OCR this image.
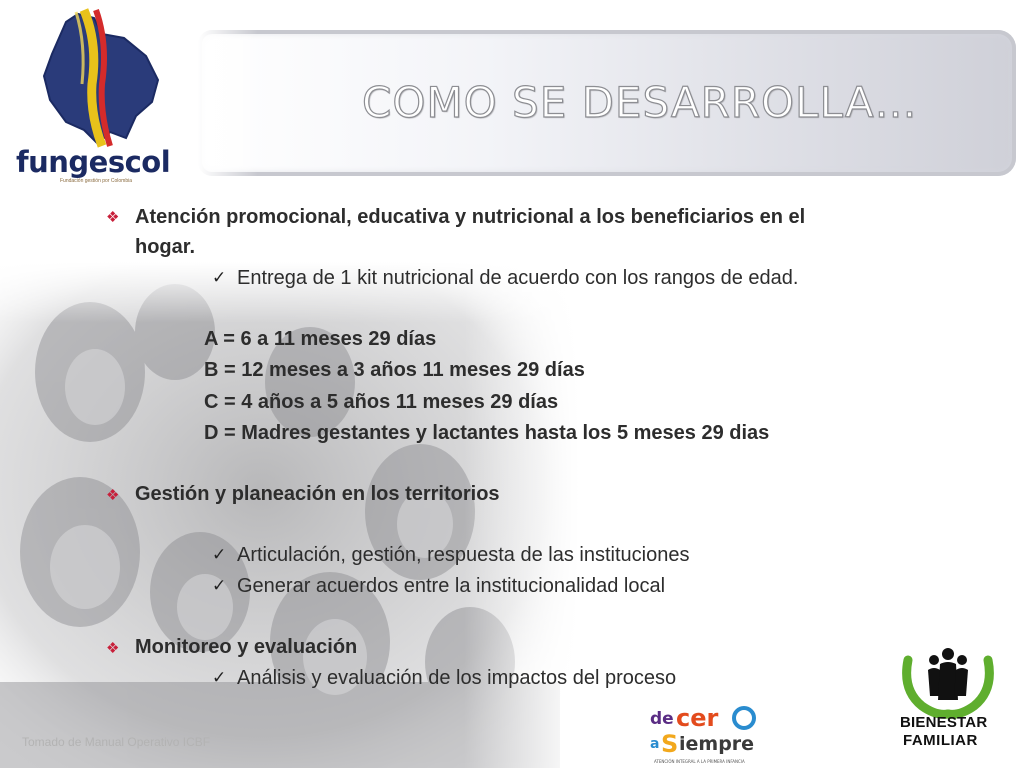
COMO SE DESARROLLA…
fungescol
Fundación gestión por Colombia
❖ Atención promocional, educativa y nutricional a los beneficiarios en el
hogar.
✓ Entrega de 1 kit nutricional de acuerdo con los rangos de edad.
A = 6 a 11 meses 29 días
B = 12 meses a 3 años 11 meses 29 días
C = 4 años a 5 años 11 meses 29 días
D = Madres gestantes y lactantes hasta los 5 meses 29 dias
❖ Gestión y planeación en los territorios
✓ Articulación, gestión, respuesta de las instituciones
✓ Generar acuerdos entre la institucionalidad local
❖ Monitoreo y evaluación
✓ Análisis y evaluación de los impactos del proceso
Tomado de Manual Operativo ICBF
de cer
a S iempre
ATENCIÓN INTEGRAL A LA PRIMERA INFANCIA
BIENESTAR
FAMILIAR
